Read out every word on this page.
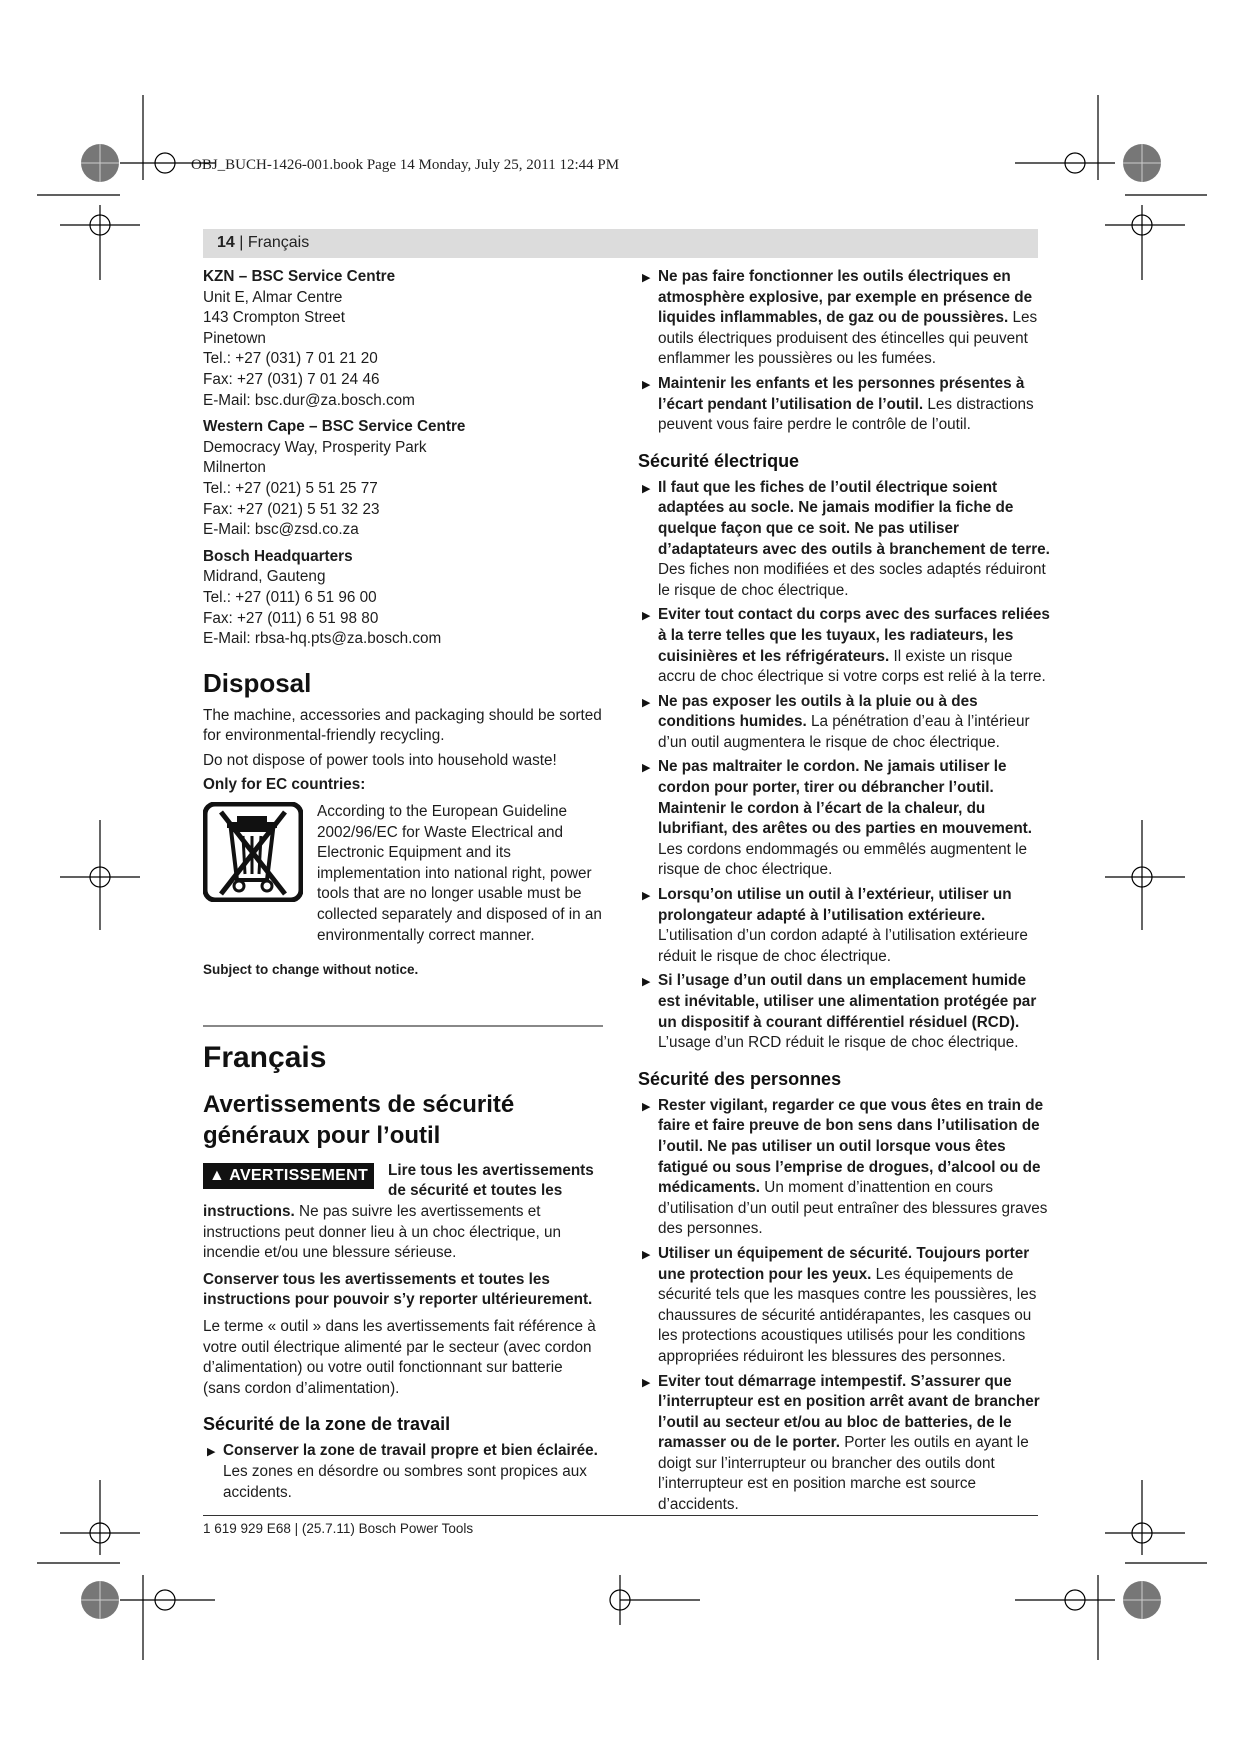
OBJ_BUCH-1426-001.book Page 14 Monday, July 25, 2011 12:44 PM
14 | Français

KZN – BSC Service Centre

Unit E, Almar Centre

143 Crompton Street

Pinetown

Tel.: +27 (031) 7 01 21 20

Fax: +27 (031) 7 01 24 46

E-Mail: bsc.dur@za.bosch.com

Western Cape – BSC Service Centre

Democracy Way, Prosperity Park

Milnerton

Tel.: +27 (021) 5 51 25 77

Fax: +27 (021) 5 51 32 23

E-Mail: bsc@zsd.co.za

Bosch Headquarters

Midrand, Gauteng

Tel.: +27 (011) 6 51 96 00

Fax: +27 (011) 6 51 98 80

E-Mail: rbsa-hq.pts@za.bosch.com

Disposal

The machine, accessories and packaging should be sorted for environmental-friendly recycling.

Do not dispose of power tools into household waste!

Only for EC countries:

According to the European Guideline 2002/96/EC for Waste Electrical and Electronic Equipment and its implementation into national right, power tools that are no longer usable must be collected separately and disposed of in an environmentally correct manner.
Subject to change without notice.
Français
Avertissements de sécurité généraux pour l’outil
▲ AVERTISSEMENT	Lire tous les avertissements de sécurité et toutes les instructions. Ne pas suivre les avertissements et instructions peut donner lieu à un choc électrique, un incendie et/ou une blessure sérieuse.

Conserver tous les avertissements et toutes les instructions pour pouvoir s’y reporter ultérieurement.

Le terme « outil » dans les avertissements fait référence à votre outil électrique alimenté par le secteur (avec cordon d’alimentation) ou votre outil fonctionnant sur batterie (sans cordon d’alimentation).

Sécurité de la zone de travail
▶ Conserver la zone de travail propre et bien éclairée. Les zones en désordre ou sombres sont propices aux accidents.
▶ Ne pas faire fonctionner les outils électriques en atmosphère explosive, par exemple en présence de liquides inflammables, de gaz ou de poussières. Les outils électriques produisent des étincelles qui peuvent enflammer les poussières ou les fumées.
▶ Maintenir les enfants et les personnes présentes à l’écart pendant l’utilisation de l’outil. Les distractions peuvent vous faire perdre le contrôle de l’outil.
Sécurité électrique
▶ Il faut que les fiches de l’outil électrique soient adaptées au socle. Ne jamais modifier la fiche de quelque façon que ce soit. Ne pas utiliser d’adaptateurs avec des outils à branchement de terre. Des fiches non modifiées et des socles adaptés réduiront le risque de choc électrique.
▶ Eviter tout contact du corps avec des surfaces reliées à la terre telles que les tuyaux, les radiateurs, les cuisinières et les réfrigérateurs. Il existe un risque accru de choc électrique si votre corps est relié à la terre.
▶ Ne pas exposer les outils à la pluie ou à des conditions humides. La pénétration d’eau à l’intérieur d’un outil augmentera le risque de choc électrique.
▶ Ne pas maltraiter le cordon. Ne jamais utiliser le cordon pour porter, tirer ou débrancher l’outil. Maintenir le cordon à l’écart de la chaleur, du lubrifiant, des arêtes ou des parties en mouvement. Les cordons endommagés ou emmêlés augmentent le risque de choc électrique.
▶ Lorsqu’on utilise un outil à l’extérieur, utiliser un prolongateur adapté à l’utilisation extérieure. L’utilisation d’un cordon adapté à l’utilisation extérieure réduit le risque de choc électrique.
▶ Si l’usage d’un outil dans un emplacement humide est inévitable, utiliser une alimentation protégée par un dispositif à courant différentiel résiduel (RCD). L’usage d’un RCD réduit le risque de choc électrique.
Sécurité des personnes
▶ Rester vigilant, regarder ce que vous êtes en train de faire et faire preuve de bon sens dans l’utilisation de l’outil. Ne pas utiliser un outil lorsque vous êtes fatigué ou sous l’emprise de drogues, d’alcool ou de médicaments. Un moment d’inattention en cours d’utilisation d’un outil peut entraîner des blessures graves des personnes.
▶ Utiliser un équipement de sécurité. Toujours porter une protection pour les yeux. Les équipements de sécurité tels que les masques contre les poussières, les chaussures de sécurité antidérapantes, les casques ou les protections acoustiques utilisés pour les conditions appropriées réduiront les blessures des personnes.
▶ Eviter tout démarrage intempestif. S’assurer que l’interrupteur est en position arrêt avant de brancher l’outil au secteur et/ou au bloc de batteries, de le ramasser ou de le porter. Porter les outils en ayant le doigt sur l’interrupteur ou brancher des outils dont l’interrupteur est en position marche est source d’accidents.
1 619 929 E68 | (25.7.11) Bosch Power Tools
